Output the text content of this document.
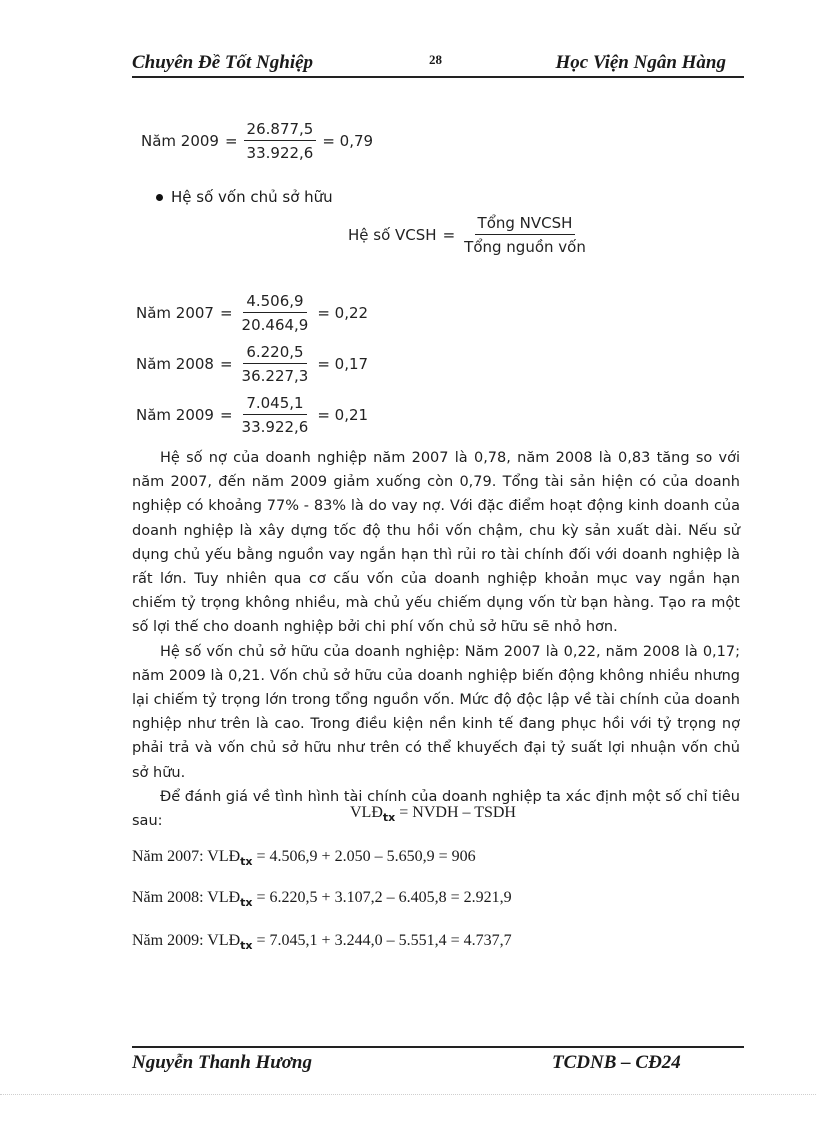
Chuyên Đề Tốt Nghiệp	28	Học Viện Ngân Hàng
Năm $2009 = \frac{26.877,5}{33.922,6} = 0,79$
Hệ số vốn chủ sở hữu
Hệ số VCSH = $\frac{\text{Tổng NVCSH}}{\text{Tổng nguồn vốn}}$
Năm $2007 = \frac{4.506,9}{20.464,9} = 0,22$
Năm $2008 = \frac{6.220,5}{36.227,3} = 0,17$
Năm $2009 = \frac{7.045,1}{33.922,6} = 0,21$

Hệ số nợ của doanh nghiệp năm 2007 là 0,78, năm 2008 là 0,83 tăng so với năm 2007, đến năm 2009 giảm xuống còn 0,79. Tổng tài sản hiện có của doanh nghiệp có khoảng 77% - 83% là do vay nợ. Với đặc điểm hoạt động kinh doanh của doanh nghiệp là xây dựng tốc độ thu hồi vốn chậm, chu kỳ sản xuất dài. Nếu sử dụng chủ yếu bằng nguồn vay ngắn hạn thì rủi ro tài chính đối với doanh nghiệp là rất lớn. Tuy nhiên qua cơ cấu vốn của doanh nghiệp khoản mục vay ngắn hạn chiếm tỷ trọng không nhiều, mà chủ yếu chiếm dụng vốn từ bạn hàng. Tạo ra một số lợi thế cho doanh nghiệp bởi chi phí vốn chủ sở hữu sẽ nhỏ hơn.

Hệ số vốn chủ sở hữu của doanh nghiệp: Năm 2007 là 0,22, năm 2008 là 0,17; năm 2009 là 0,21. Vốn chủ sở hữu của doanh nghiệp biến động không nhiều nhưng lại chiếm tỷ trọng lớn trong tổng nguồn vốn. Mức độ độc lập về tài chính của doanh nghiệp như trên là cao. Trong điều kiện nền kinh tế đang phục hồi với tỷ trọng nợ phải trả và vốn chủ sở hữu như trên có thể khuyếch đại tỷ suất lợi nhuận vốn chủ sở hữu.

Để đánh giá về tình hình tài chính của doanh nghiệp ta xác định một số chỉ tiêu sau:

$VLĐ_{tx}$ = NVDH – TSDH
Năm 2007: $VLĐ_{tx} = 4.506,9 + 2.050 - 5.650,9 = 906$
Năm 2008: $VLĐ_{tx} = 6.220,5 + 3.107,2 - 6.405,8 = 2.921,9$
Năm 2009: $VLĐ_{tx} = 7.045,1 + 3.244,0 - 5.551,4 = 4.737,7$
Nguyễn Thanh Hương	TCDNB – CĐ24
